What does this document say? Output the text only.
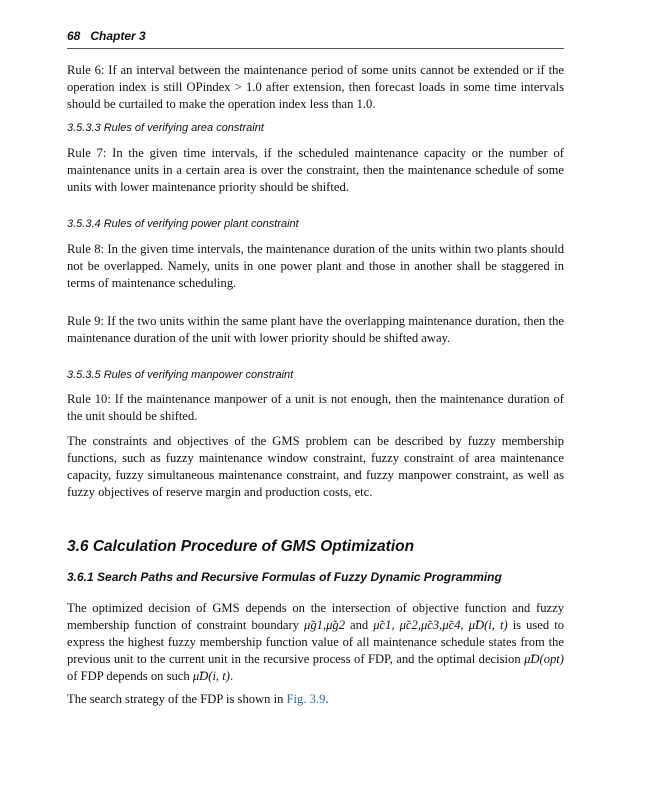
68 Chapter 3

Rule 6: If an interval between the maintenance period of some units cannot be extended or if the operation index is still OPindex > 1.0 after extension, then forecast loads in some time intervals should be curtailed to make the operation index less than 1.0.

3.5.3.3 Rules of verifying area constraint

Rule 7: In the given time intervals, if the scheduled maintenance capacity or the number of maintenance units in a certain area is over the constraint, then the maintenance schedule of some units with lower maintenance priority should be shifted.

3.5.3.4 Rules of verifying power plant constraint

Rule 8: In the given time intervals, the maintenance duration of the units within two plants should not be overlapped. Namely, units in one power plant and those in another shall be staggered in terms of maintenance scheduling.

Rule 9: If the two units within the same plant have the overlapping maintenance duration, then the maintenance duration of the unit with lower priority should be shifted away.

3.5.3.5 Rules of verifying manpower constraint

Rule 10: If the maintenance manpower of a unit is not enough, then the maintenance duration of the unit should be shifted.

The constraints and objectives of the GMS problem can be described by fuzzy membership functions, such as fuzzy maintenance window constraint, fuzzy constraint of area maintenance capacity, fuzzy simultaneous maintenance constraint, and fuzzy manpower constraint, as well as fuzzy objectives of reserve margin and production costs, etc.

3.6 Calculation Procedure of GMS Optimization
3.6.1 Search Paths and Recursive Formulas of Fuzzy Dynamic Programming

The optimized decision of GMS depends on the intersection of objective function and fuzzy membership function of constraint boundary μ̃g1,μ̃g2 and μ̃c1, μ̃c2,μ̃c3,μ̃c4, μ̃D(i, t) is used to express the highest fuzzy membership function value of all maintenance schedule states from the previous unit to the current unit in the recursive process of FDP, and the optimal decision μ̃D(opt) of FDP depends on such μ̃D(i, t).

The search strategy of the FDP is shown in Fig. 3.9.
